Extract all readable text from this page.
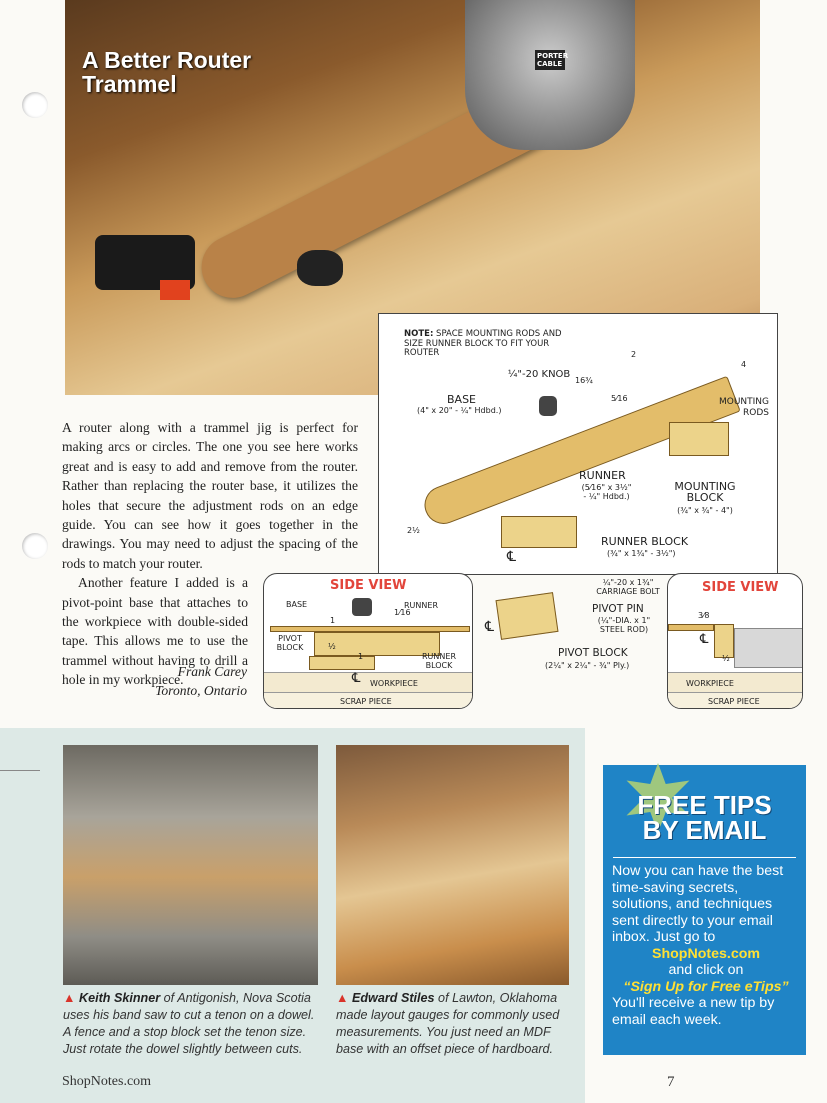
PORTER CABLE
A Better Router
Trammel

A router along with a trammel jig is perfect for making arcs or circles. The one you see here works great and is easy to add and remove from the router. Rather than replacing the router base, it utilizes the holes that secure the adjustment rods on an edge guide. You can see how it goes together in the drawings. You may need to adjust the spacing of the rods to match your router.

Another feature I added is a pivot-point base that attaches to the workpiece with double-sided tape. This allows me to use the trammel without having to drill a hole in my workpiece.

Frank Carey
Toronto, Ontario
NOTE: SPACE MOUNTING RODS AND SIZE RUNNER BLOCK TO FIT YOUR ROUTER
¼"-20 KNOB
BASE
(4" x 20" - ¼" Hdbd.)
16¾
2
4
5⁄16
2½
MOUNTING RODS
RUNNER
(5⁄16" x 3½" - ¼" Hdbd.)
MOUNTING BLOCK
(¾" x ¾" - 4")
RUNNER BLOCK
(¾" x 1¾" - 3½")
℄
¼"-20 x 1¾" CARRIAGE BOLT
PIVOT PIN
(¼"-DIA. x 1" STEEL ROD)
PIVOT BLOCK
(2¼" x 2¼" - ¾" Ply.)
℄
SIDE VIEW
BASE	RUNNER
PIVOT BLOCK
RUNNER BLOCK
1
½
1
1⁄16
WORKPIECE
℄
SCRAP PIECE
SIDE VIEW
3⁄8
½
℄
WORKPIECE
SCRAP PIECE
▲ Keith Skinner of Antigonish, Nova Scotia uses his band saw to cut a tenon on a dowel. A fence and a stop block set the tenon size. Just rotate the dowel slightly between cuts.
▲ Edward Stiles of Lawton, Oklahoma made layout gauges for commonly used measurements. You just need an MDF base with an offset piece of hardboard.
FREE TIPS
BY EMAIL
Now you can have the best time-saving secrets, solutions, and techniques sent directly to your email inbox. Just go to
ShopNotes.com
and click on
“Sign Up for Free eTips”
You'll receive a new tip by email each week.
ShopNotes.com	7
